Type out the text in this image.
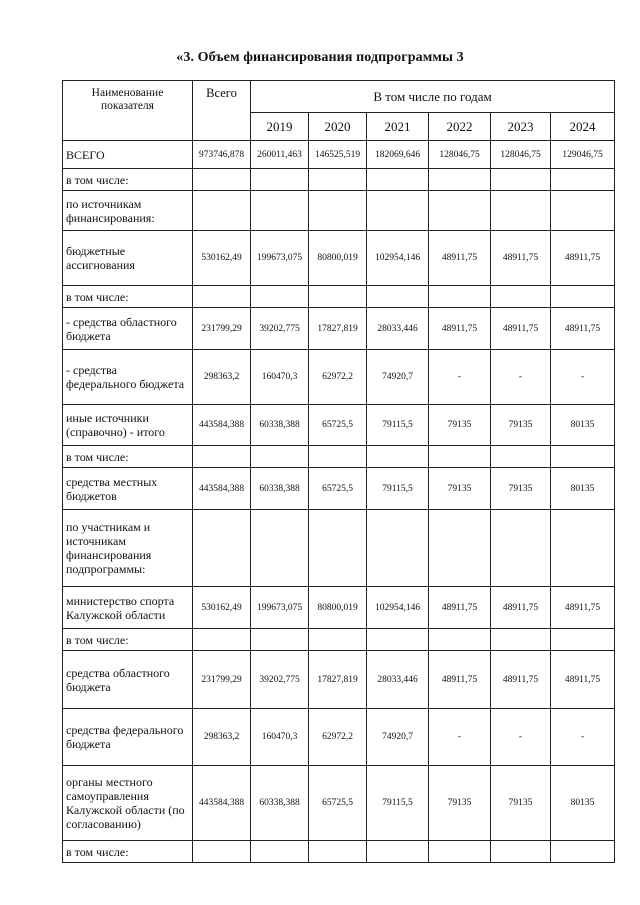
«3. Объем финансирования подпрограммы 3
Наименование показателя	Всего	В том числе по годам					
		2019	2020	2021	2022	2023	2024
ВСЕГО	973746,878	260011,463	146525,519	182069,646	128046,75	128046,75	129046,75
в том числе:							
по источникам финансирования:							
бюджетные ассигнования	530162,49	199673,075	80800,019	102954,146	48911,75	48911,75	48911,75
в том числе:							
- средства областного бюджета	231799,29	39202,775	17827,819	28033,446	48911,75	48911,75	48911,75
- средства федерального бюджета	298363,2	160470,3	62972,2	74920,7	-	-	-
иные источники (справочно) - итого	443584,388	60338,388	65725,5	79115,5	79135	79135	80135
в том числе:							
средства местных бюджетов	443584,388	60338,388	65725,5	79115,5	79135	79135	80135
по участникам и источникам финансирования подпрограммы:							
министерство спорта Калужской области	530162,49	199673,075	80800,019	102954,146	48911,75	48911,75	48911,75
в том числе:							
средства областного бюджета	231799,29	39202,775	17827,819	28033,446	48911,75	48911,75	48911,75
средства федерального бюджета	298363,2	160470,3	62972,2	74920,7	-	-	-
органы местного самоуправления Калужской области (по согласованию)	443584,388	60338,388	65725,5	79115,5	79135	79135	80135
в том числе:							
